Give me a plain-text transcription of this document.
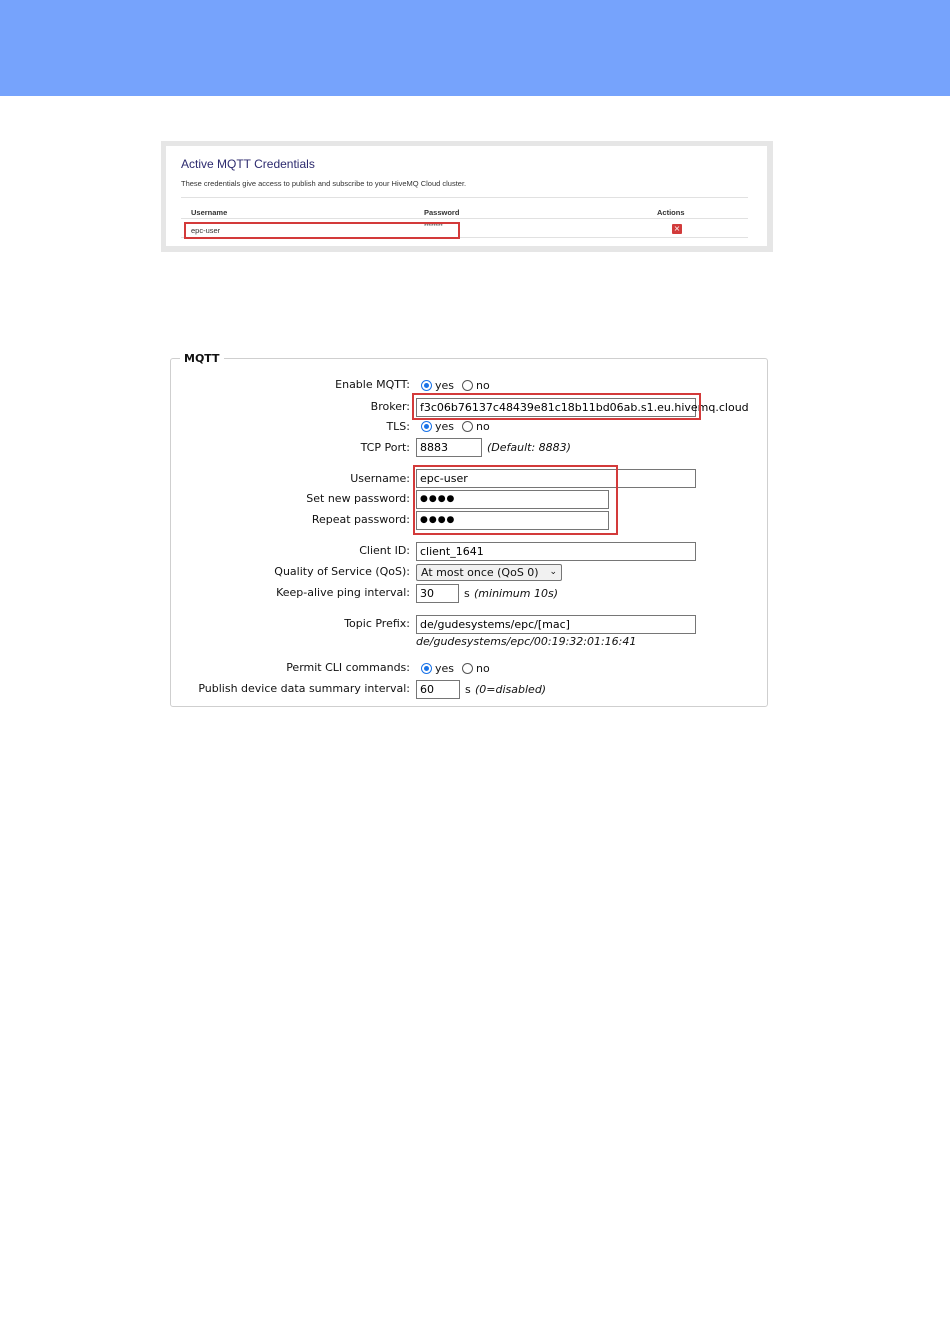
Active MQTT Credentials
These credentials give access to publish and subscribe to your HiveMQ Cloud cluster.
Username	Password	Actions
epc-user	********	×
MQTT
Enable MQTT: yes no
Broker: f3c06b76137c48439e81c18b11bd06ab.s1.eu.hivemq.cloud
TLS: yes no
TCP Port: 8883	(Default: 8883)
Username: epc-user
Set new password:	●●●●
Repeat password:	●●●●
Client ID: client_1641
Quality of Service (QoS):	At most once (QoS 0) ⌄
Keep-alive ping interval: 30	s (minimum 10s)
Topic Prefix: de/gudesystems/epc/[mac]
de/gudesystems/epc/00:19:32:01:16:41
Permit CLI commands: yes no
Publish device data summary interval: 60	s (0=disabled)
